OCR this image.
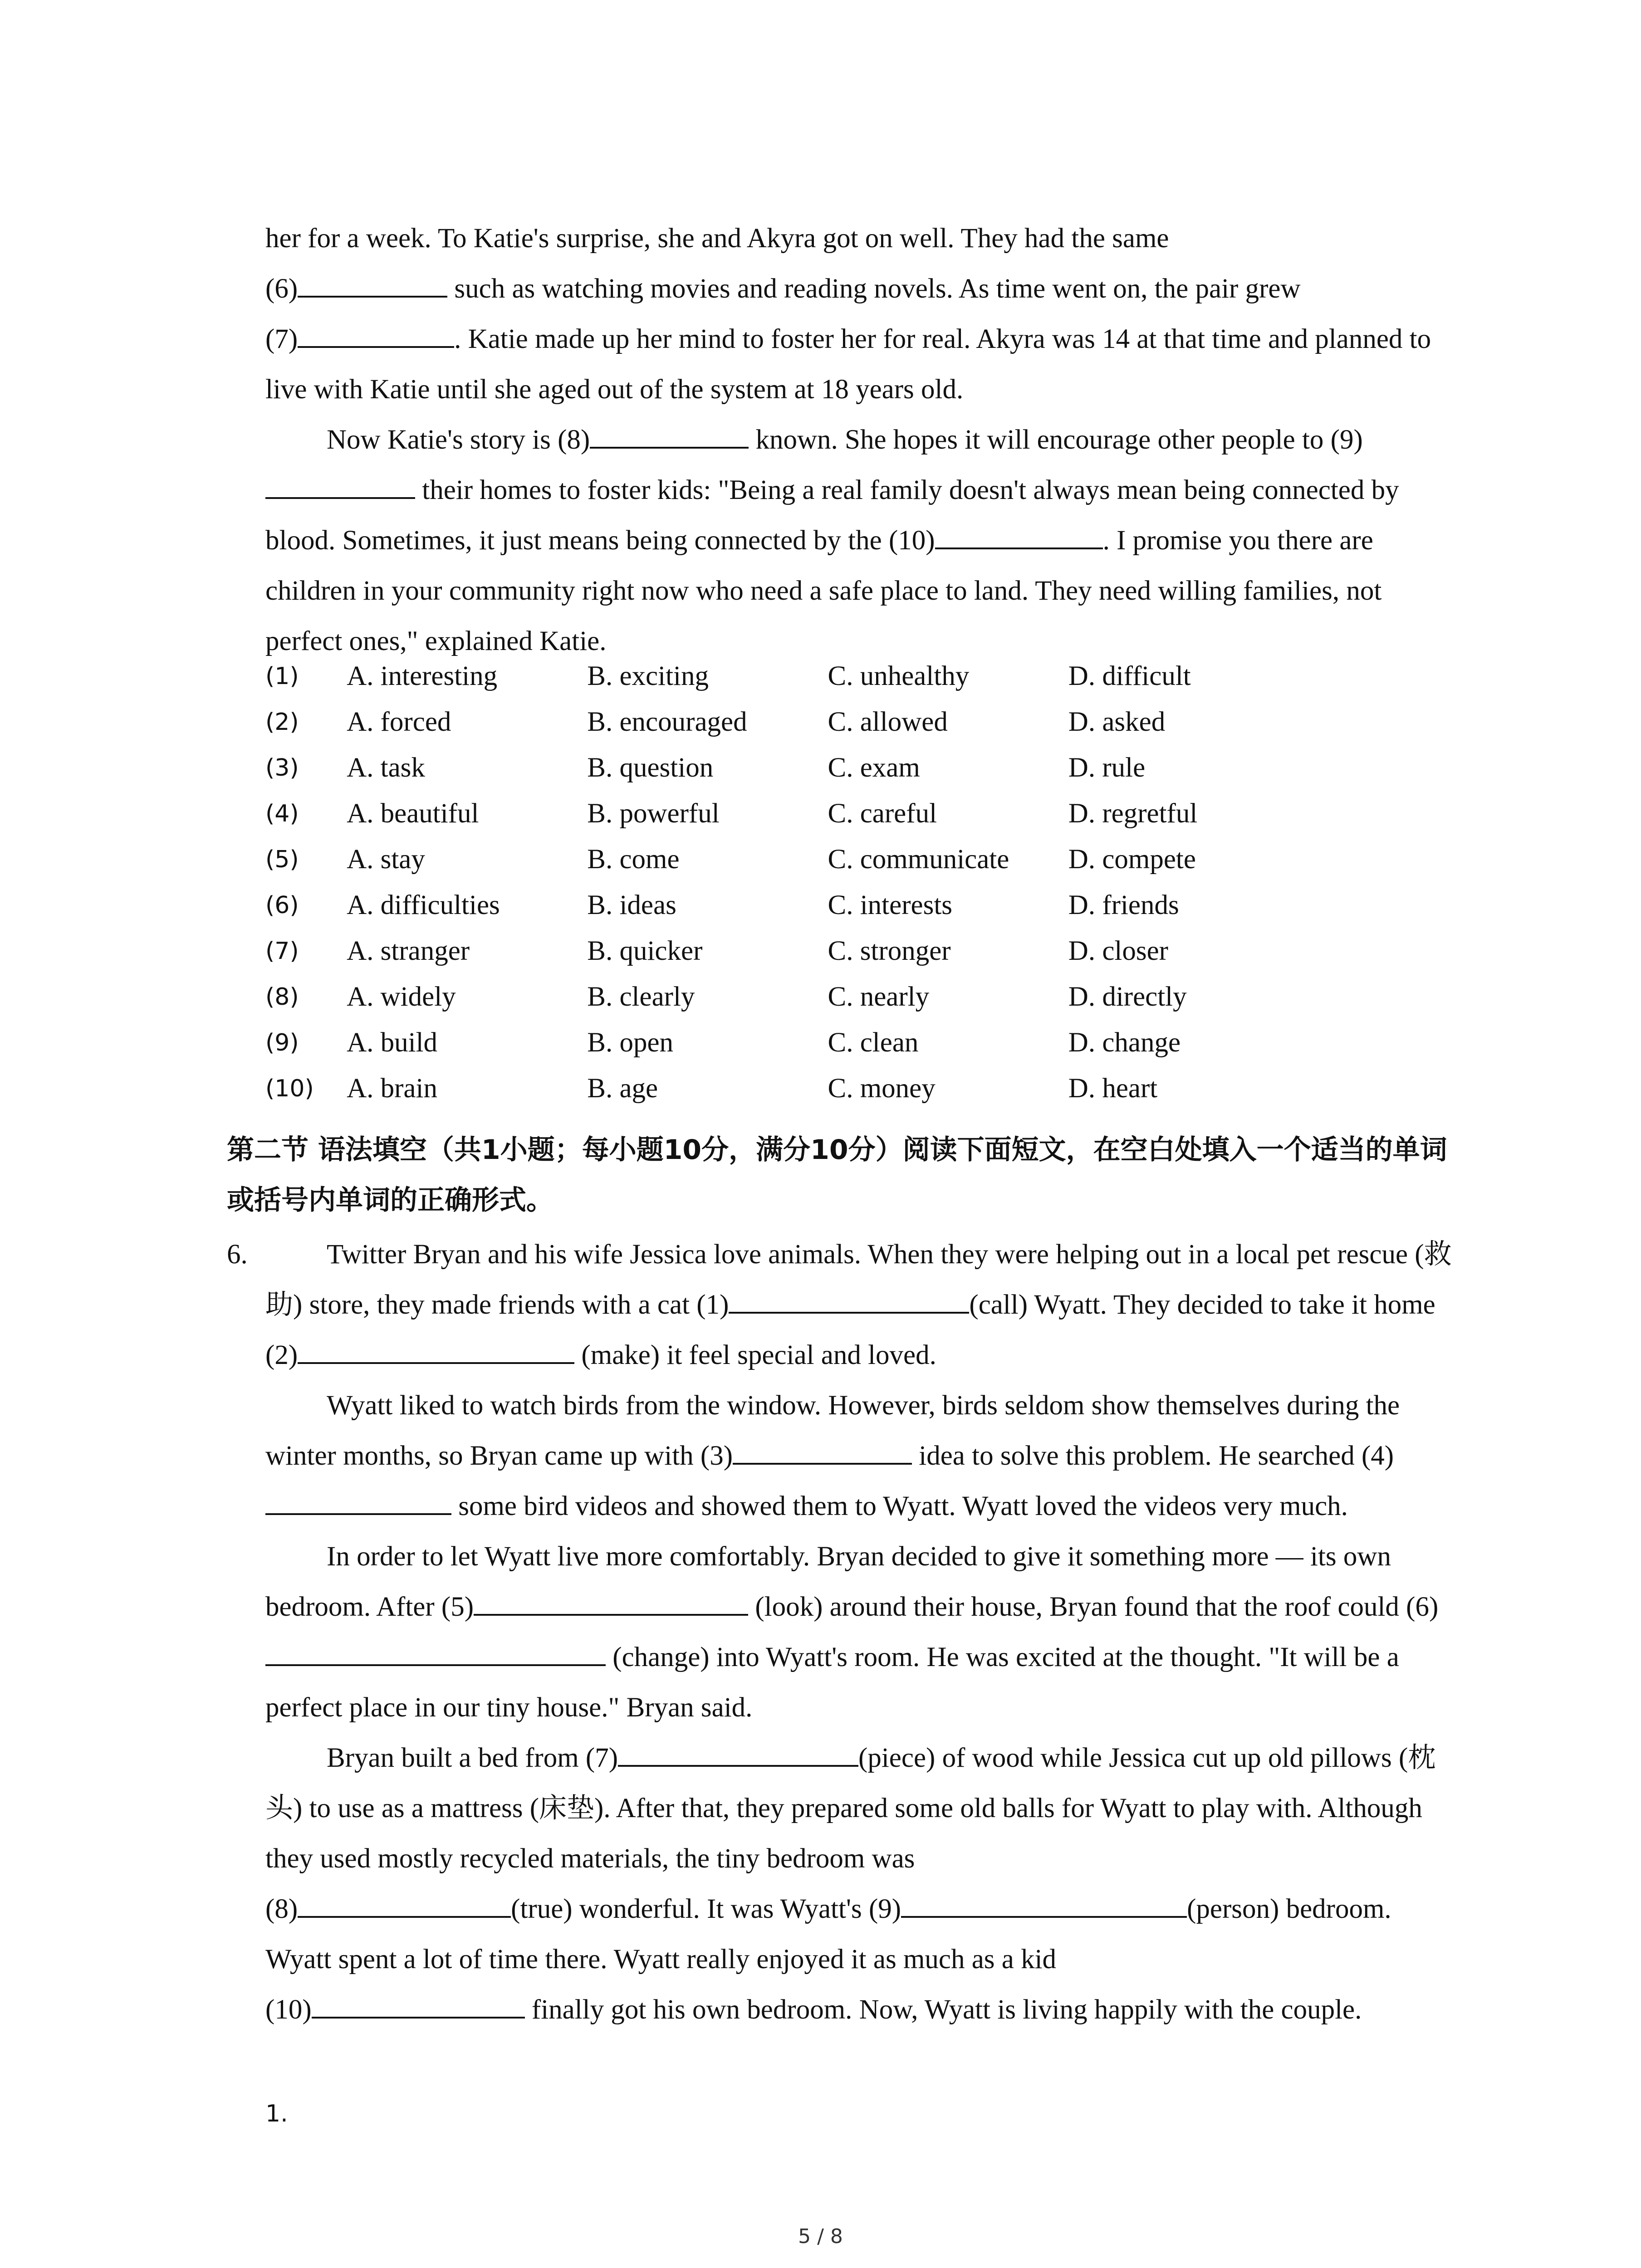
her for a week. To Katie's surprise, she and Akyra got on well. They had the same
(6)	such as watching movies and reading novels. As time went on, the pair grew
(7)	. Katie made up her mind to foster her for real. Akyra was 14 at that time and planned to live with Katie until she aged out of the system at 18 years old.

Now Katie's story is (8)	known. She hopes it will encourage other people to (9) their homes to foster kids: "Being a real family doesn't always mean being connected by blood. Sometimes, it just means being connected by the (10)	. I promise you there are children in your community right now who need a safe place to land. They need willing families, not perfect ones," explained Katie.

(1)	A. interesting	B. exciting	C. unhealthy	D. difficult
(2)	A. forced	B. encouraged	C. allowed	D. asked
(3)	A. task	B. question	C. exam	D. rule
(4)	A. beautiful	B. powerful	C. careful	D. regretful
(5)	A. stay	B. come	C. communicate	D. compete
(6)	A. difficulties	B. ideas	C. interests	D. friends
(7)	A. stranger	B. quicker	C. stronger	D. closer
(8)	A. widely	B. clearly	C. nearly	D. directly
(9)	A. build	B. open	C. clean	D. change
(10)	A. brain	B. age	C. money	D. heart

第二节 语法填空（共1小题；每小题10分，满分10分）阅读下面短文，在空白处填入一个适当的单词或括号内单词的正确形式。

6.	Twitter Bryan and his wife Jessica love animals. When they were helping out in a local pet rescue (救助) store, they made friends with a cat (1)	(call) Wyatt. They decided to take it home (2)	(make) it feel special and loved.

Wyatt liked to watch birds from the window. However, birds seldom show themselves during the winter months, so Bryan came up with (3)	idea to solve this problem. He searched (4) some bird videos and showed them to Wyatt. Wyatt loved the videos very much.

In order to let Wyatt live more comfortably. Bryan decided to give it something more — its own bedroom. After (5)	(look) around their house, Bryan found that the roof could (6) (change) into Wyatt's room. He was excited at the thought. "It will be a perfect place in our tiny house." Bryan said.

Bryan built a bed from (7)	(piece) of wood while Jessica cut up old pillows (枕头) to use as a mattress (床垫). After that, they prepared some old balls for Wyatt to play with. Although they used mostly recycled materials, the tiny bedroom was
(8)	(true) wonderful. It was Wyatt's (9)	(person) bedroom. Wyatt spent a lot of time there. Wyatt really enjoyed it as much as a kid
(10)	finally got his own bedroom. Now, Wyatt is living happily with the couple.

1.
5 / 8
